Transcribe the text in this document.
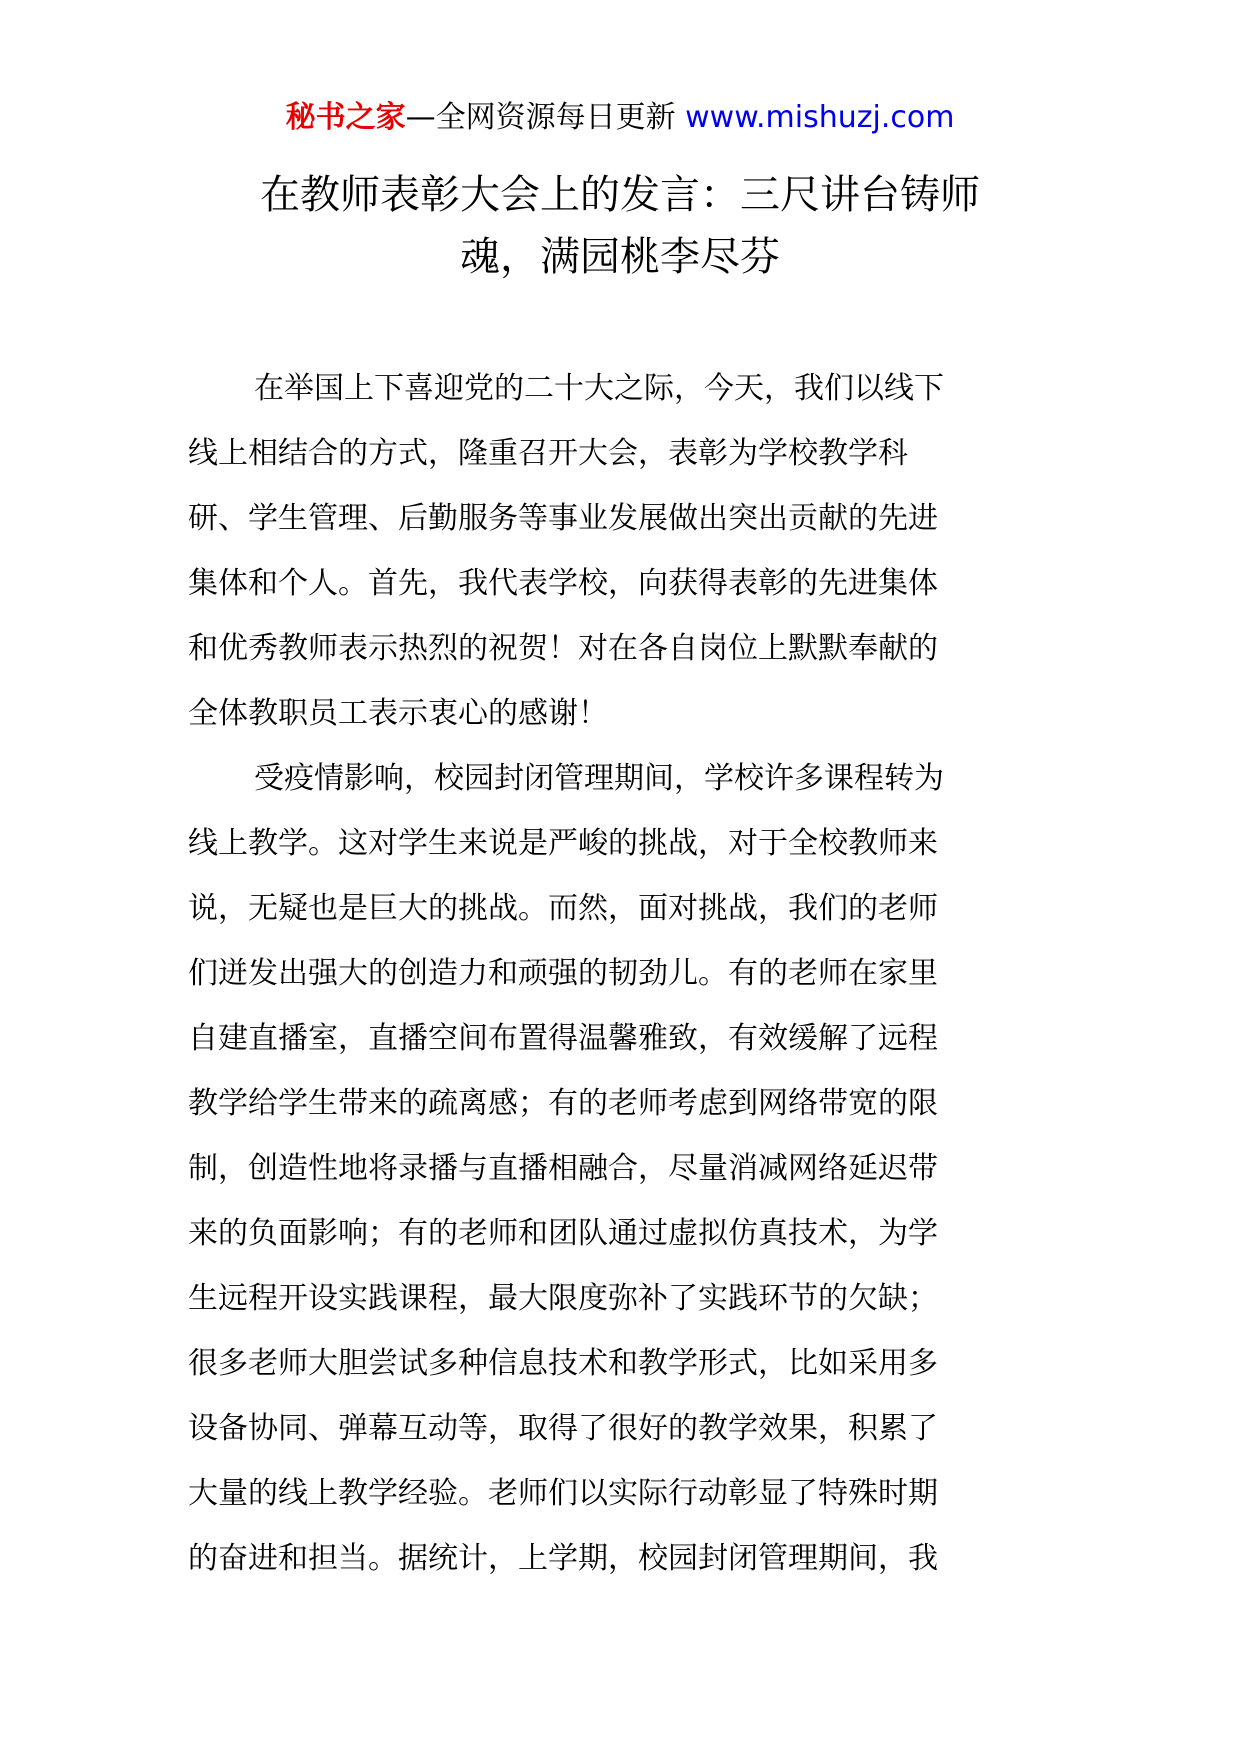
秘书之家—全网资源每日更新 www.mishuzj.com
在教师表彰大会上的发言：三尺讲台铸师
魂，满园桃李尽芬

在举国上下喜迎党的二十大之际，今天，我们以线下
线上相结合的方式，隆重召开大会，表彰为学校教学科
研、学生管理、后勤服务等事业发展做出突出贡献的先进
集体和个人。首先，我代表学校，向获得表彰的先进集体
和优秀教师表示热烈的祝贺！对在各自岗位上默默奉献的
全体教职员工表示衷心的感谢！

受疫情影响，校园封闭管理期间，学校许多课程转为
线上教学。这对学生来说是严峻的挑战，对于全校教师来
说，无疑也是巨大的挑战。而然，面对挑战，我们的老师
们迸发出强大的创造力和顽强的韧劲儿。有的老师在家里
自建直播室，直播空间布置得温馨雅致，有效缓解了远程
教学给学生带来的疏离感；有的老师考虑到网络带宽的限
制，创造性地将录播与直播相融合，尽量消减网络延迟带
来的负面影响；有的老师和团队通过虚拟仿真技术，为学
生远程开设实践课程，最大限度弥补了实践环节的欠缺；
很多老师大胆尝试多种信息技术和教学形式，比如采用多
设备协同、弹幕互动等，取得了很好的教学效果，积累了
大量的线上教学经验。老师们以实际行动彰显了特殊时期
的奋进和担当。据统计，上学期，校园封闭管理期间，我
